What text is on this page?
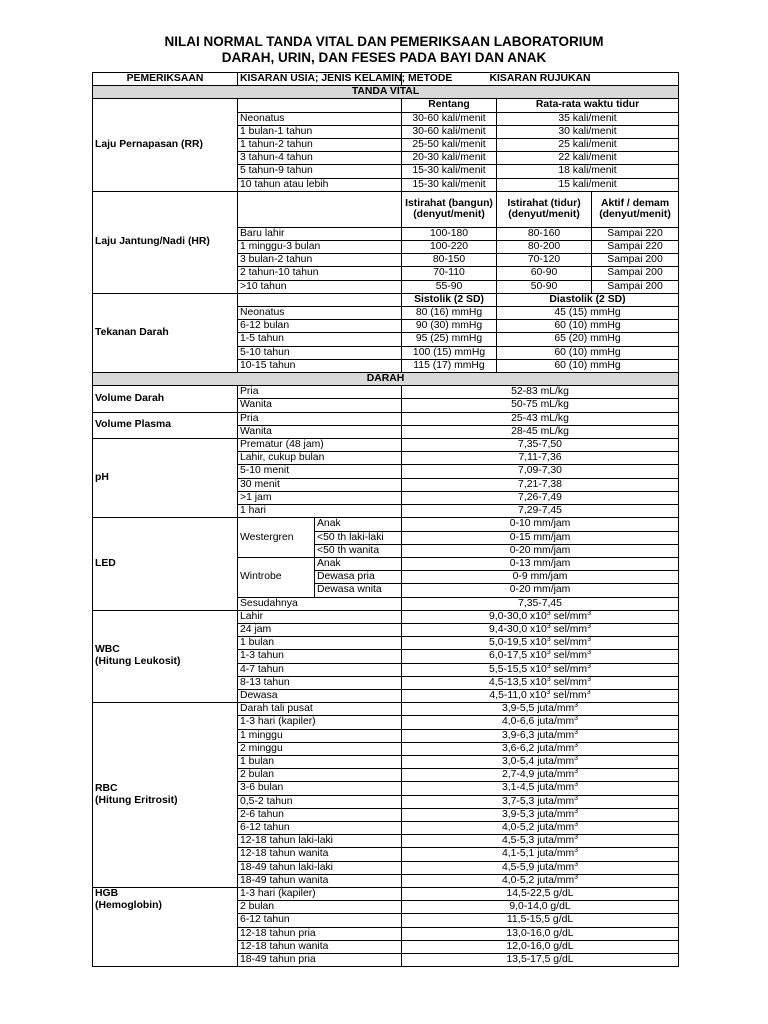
NILAI NORMAL TANDA VITAL DAN PEMERIKSAAN LABORATORIUM
DARAH, URIN, DAN FESES PADA BAYI DAN ANAK
PEMERIKSAAN	KISARAN USIA; JENIS KELAMIN; METODE		KISARAN RUJUKAN		
TANDA VITAL					
Laju Pernapasan (RR)			Rentang	Rata-rata waktu tidur	
	Neonatus		30-60 kali/menit	35 kali/menit	
	1 bulan-1 tahun		30-60 kali/menit	30 kali/menit	
	1 tahun-2 tahun		25-50 kali/menit	25 kali/menit	
	3 tahun-4 tahun		20-30 kali/menit	22 kali/menit	
	5 tahun-9 tahun		15-30 kali/menit	18 kali/menit	
	10 tahun atau lebih		15-30 kali/menit	15 kali/menit	
Laju Jantung/Nadi (HR)			Istirahat (bangun) (denyut/menit)	Istirahat (tidur) (denyut/menit)	Aktif / demam (denyut/menit)
	Baru lahir		100-180	80-160	Sampai 220
	1 minggu-3 bulan		100-220	80-200	Sampai 220
	3 bulan-2 tahun		80-150	70-120	Sampai 200
	2 tahun-10 tahun		70-110	60-90	Sampai 200
	>10 tahun		55-90	50-90	Sampai 200
Tekanan Darah			Sistolik (2 SD)	Diastolik (2 SD)	
	Neonatus		80 (16) mmHg	45 (15) mmHg	
	6-12 bulan		90 (30) mmHg	60 (10) mmHg	
	1-5 tahun		95 (25) mmHg	65 (20) mmHg	
	5-10 tahun		100 (15) mmHg	60 (10) mmHg	
	10-15 tahun		115 (17) mmHg	60 (10) mmHg	
DARAH					
Volume Darah	Pria		52-83 mL/kg		
	Wanita		50-75 mL/kg		
Volume Plasma	Pria		25-43 mL/kg		
	Wanita		28-45 mL/kg		
pH	Prematur (48 jam)		7,35-7,50		
	Lahir, cukup bulan		7,11-7,36		
	5-10 menit		7,09-7,30		
	30 menit		7,21-7,38		
	>1 jam		7,26-7,49		
	1 hari		7,29-7,45		
LED	Westergren	Anak	0-10 mm/jam		
		<50 th laki-laki	0-15 mm/jam		
		<50 th wanita	0-20 mm/jam		
	Wintrobe	Anak	0-13 mm/jam		
		Dewasa pria	0-9 mm/jam		
		Dewasa wnita	0-20 mm/jam		
	Sesudahnya		7,35-7,45		
WBC
(Hitung Leukosit)	Lahir		9,0-30,0 $x10^3$ sel/$mm^3$
	24 jam		9,4-30,0 $x10^3$ sel/$mm^3$
	1 bulan		5,0-19,5 $x10^3$ sel/$mm^3$
	1-3 tahun		6,0-17,5 $x10^3$ sel/$mm^3$
	4-7 tahun		5,5-15,5 $x10^3$ sel/$mm^3$
	8-13 tahun		4,5-13,5 $x10^3$ sel/$mm^3$
	Dewasa		4,5-11,0 $x10^3$ sel/$mm^3$
RBC
(Hitung Eritrosit)	Darah tali pusat		3,9-5,5 juta/$mm^3$
	1-3 hari (kapiler)		4,0-6,6 juta/$mm^3$
	1 minggu		3,9-6,3 juta/$mm^3$
	2 minggu		3,6-6,2 juta/$mm^3$
	1 bulan		3,0-5,4 juta/$mm^3$
	2 bulan		2,7-4,9 juta/$mm^3$
	3-6 bulan		3,1-4,5 juta/$mm^3$
	0,5-2 tahun		3,7-5,3 juta/$mm^3$
	2-6 tahun		3,9-5,3 juta/$mm^3$
	6-12 tahun		4,0-5,2 juta/$mm^3$
	12-18 tahun laki-laki		4,5-5,3 juta/$mm^3$
	12-18 tahun wanita		4,1-5,1 juta/$mm^3$
	18-49 tahun laki-laki		4,5-5,9 juta/$mm^3$
	18-49 tahun wanita		4,0-5,2 juta/$mm^3$
HGB
(Hemoglobin)	1-3 hari (kapiler)		14,5-22,5 g/dL		
	2 bulan		9,0-14,0 g/dL		
	6-12 tahun		11,5-15,5 g/dL		
	12-18 tahun pria		13,0-16,0 g/dL		
	12-18 tahun wanita		12,0-16,0 g/dL		
	18-49 tahun pria		13,5-17,5 g/dL		
